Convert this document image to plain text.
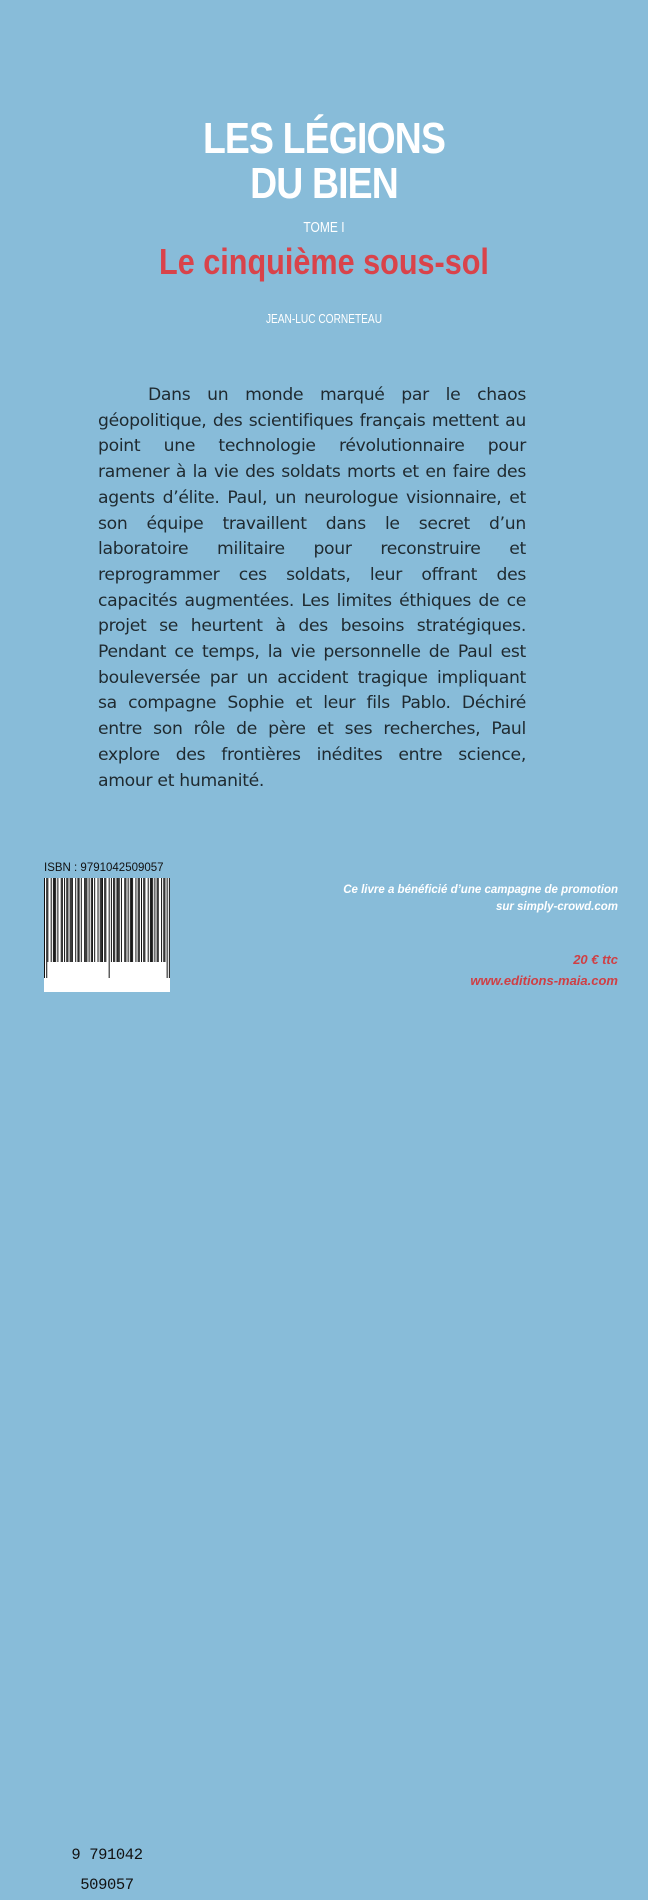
LES LÉGIONS
DU BIEN
TOME I
Le cinquième sous-sol
JEAN-LUC CORNETEAU

Dans un monde marqué par le chaos géopolitique, des scientifiques français mettent au point une technologie révolutionnaire pour ramener à la vie des soldats morts et en faire des agents d’élite. Paul, un neurologue visionnaire, et son équipe travaillent dans le secret d’un laboratoire militaire pour reconstruire et reprogrammer ces soldats, leur offrant des capacités augmentées. Les limites éthiques de ce projet se heurtent à des besoins stratégiques. Pendant ce temps, la vie personnelle de Paul est bouleversée par un accident tragique impliquant sa compagne Sophie et leur fils Pablo. Déchiré entre son rôle de père et ses recherches, Paul explore des frontières inédites entre science, amour et humanité.

ISBN : 9791042509057
9 791042 509057
Ce livre a bénéficié d’une campagne de promotion
sur simply-crowd.com
20 € ttc
www.editions-maia.com
